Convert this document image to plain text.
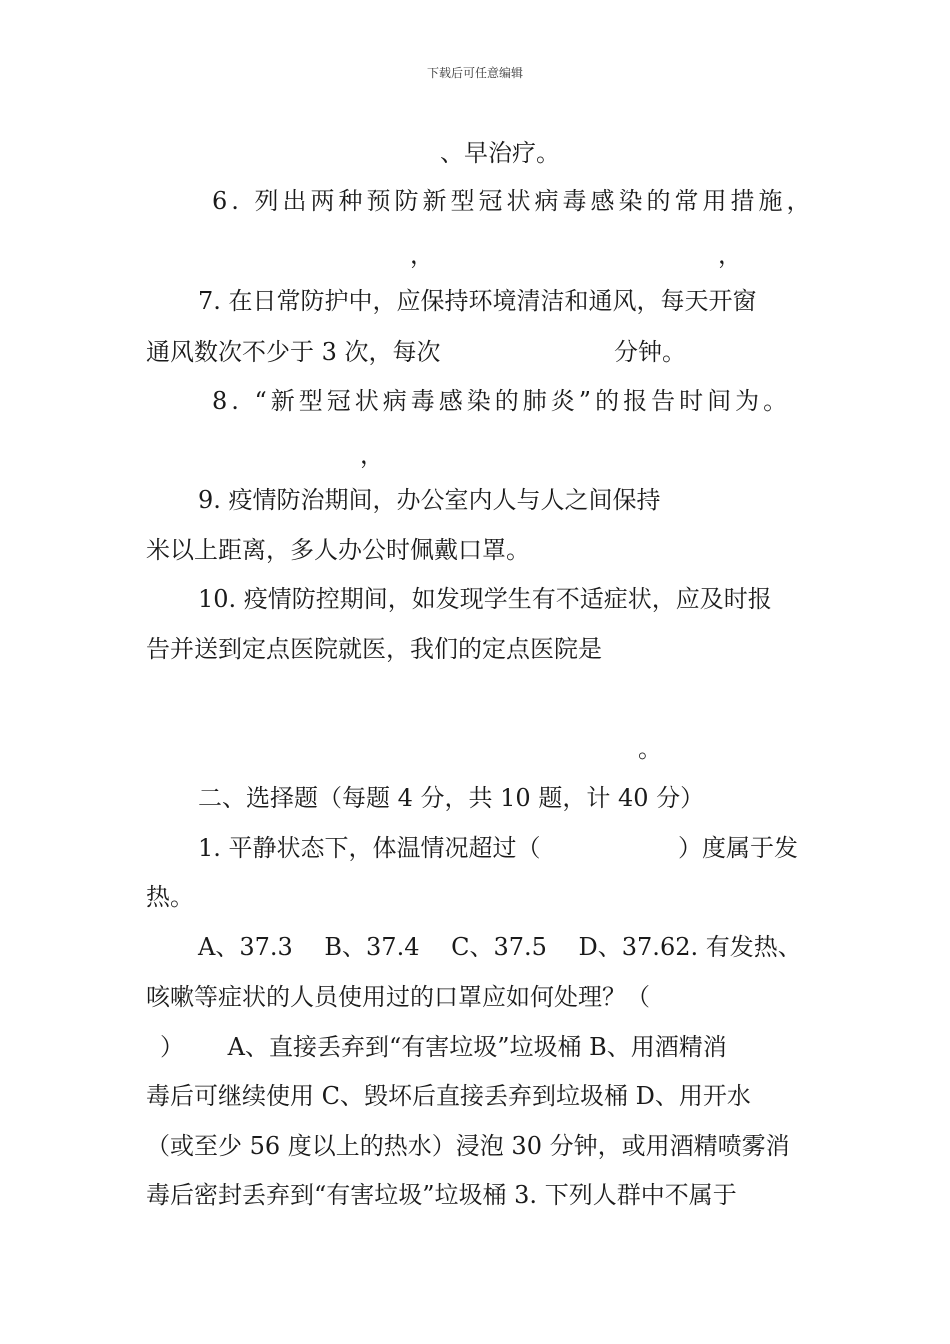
下载后可任意编辑

、早治疗。

6. 列出两种预防新型冠状病毒感染的常用措施，

，	，

7. 在日常防护中，应保持环境清洁和通风，每天开窗

通风数次不少于 3 次，每次	分钟。

8. “新型冠状病毒感染的肺炎”的报告时间为。

，

9. 疫情防治期间，办公室内人与人之间保持

米以上距离，多人办公时佩戴口罩。

10. 疫情防控期间，如发现学生有不适症状，应及时报

告并送到定点医院就医，我们的定点医院是

。

二、选择题（每题 4 分，共 10 题，计 40 分）

1. 平静状态下，体温情况超过（	）度属于发

热。

A、37.3　 B、37.4　 C、37.5　 D、37.62. 有发热、

咳嗽等症状的人员使用过的口罩应如何处理？（

）　　 A、直接丢弃到“有害垃圾”垃圾桶 B、用酒精消

毒后可继续使用 C、毁坏后直接丢弃到垃圾桶 D、用开水

（或至少 56 度以上的热水）浸泡 30 分钟，或用酒精喷雾消

毒后密封丢弃到“有害垃圾”垃圾桶 3. 下列人群中不属于
